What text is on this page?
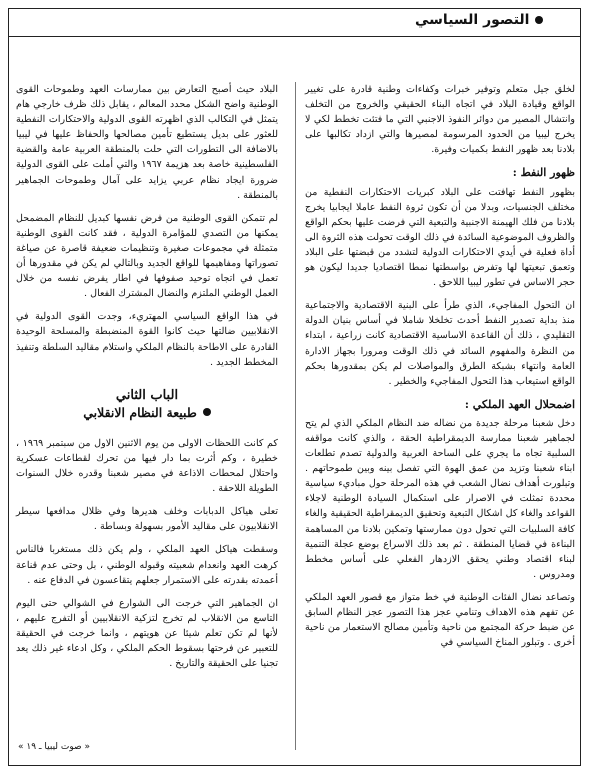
التصور السياسي

لخلق جيل متعلم وتوفير خبرات وكفاءات وطنية قادرة على تغيير الواقع وقيادة البلاد في اتجاه البناء الحقيقي والخروج من التخلف وانتشال المصير من دوائر النفوذ الاجنبي التي ما فتئت تخطط لكي لا يخرج ليبيا من الحدود المرسومة لمصيرها والتي ازداد تكالبها على بلادنا بعد ظهور النفط بكميات وفيرة.

ظهور النفط :

بظهور النفط تهافتت على البلاد كبريات الاحتكارات النفطية من مختلف الجنسيات، وبدلا من أن تكون ثروة النفط عاملا ايجابيا يخرج بلادنا من فلك الهيمنة الاجنبية والتبعية التي فرضت عليها بحكم الواقع والظروف الموضوعية السائدة في ذلك الوقت تحولت هذه الثروة الى أداة فعلية في أيدي الاحتكارات الدولية لتشدد من قبضتها على البلاد وتعمق تبعيتها لها وتفرض بواسطتها نمطا اقتصاديا جديدا ليكون هو حجر الاساس في تطور ليبيا اللاحق .

ان التحول المفاجيء، الذي طرأ على البنية الاقتصادية والاجتماعية منذ بداية تصدير النفط أحدث تخلخلا شاملا في أساس بنيان الدولة التقليدي ، ذلك أن القاعدة الاساسية الاقتصادية كانت زراعية ، ابتداء من النظرة والمفهوم السائد في ذلك الوقت ومرورا بجهاز الادارة العامة وانتهاء بشبكة الطرق والمواصلات لم يكن بمقدورها بحكم الواقع استيعاب هذا التحول المفاجيء والخطير .

اضمحلال العهد الملكي :

دخل شعبنا مرحلة جديدة من نضاله ضد النظام الملكي الذي لم يتح لجماهير شعبنا ممارسة الديمقراطية الحقة ، والذي كانت مواقفه السلبية تجاه ما يجري على الساحة العربية والدولية تصدم تطلعات ابناء شعبنا وتزيد من عمق الهوة التي تفصل بينه وبين طموحاتهم . وتبلورت أهداف نضال الشعب في هذه المرحلة حول مباديء سياسية محددة تمثلت في الاصرار على استكمال السيادة الوطنية لاجلاء القواعد والغاء كل اشكال التبعية وتحقيق الديمقراطية الحقيقية والغاء كافة السلبيات التي تحول دون ممارستها وتمكين بلادنا من المساهمة البناءة في قضايا المنطقة . ثم بعد ذلك الاسراع بوضع عجلة التنمية لبناء اقتصاد وطني يحقق الازدهار الفعلي على أساس مخطط ومدروس .

وتصاعد نضال الفئات الوطنية في خط متواز مع قصور العهد الملكي عن تفهم هذه الاهداف وتنامي عجز هذا التصور عجز النظام السابق عن ضبط حركة المجتمع من ناحية وتأمين مصالح الاستعمار من ناحية أخرى . وتبلور المناخ السياسي في

البلاد حيث أصبح التعارض بين ممارسات العهد وطموحات القوى الوطنية واضح الشكل محدد المعالم ، يقابل ذلك ظرف خارجي هام يتمثل في التكالب الذي اظهرته القوى الدولية والاحتكارات النفطية للعثور على بديل يستطيع تأمين مصالحها والحفاظ عليها في ليبيا بالاضافة الى التطورات التي حلت بالمنطقة العربية عامة والقضية الفلسطينية خاصة بعد هزيمة ١٩٦٧ والتي أملت على القوى الدولية ضرورة ايجاد نظام عربي يزايد على آمال وطموحات الجماهير بالمنطقة .

لم تتمكن القوى الوطنية من فرض نفسها كبديل للنظام المضمحل يمكنها من التصدي للمؤامرة الدولية ، فقد كانت القوى الوطنية متمثلة في مجموعات صغيرة وتنظيمات ضعيفة قاصرة عن صياغة تصوراتها ومفاهيمها للواقع الجديد وبالتالي لم يكن في مقدورها أن تعمل في اتجاه توحيد صفوفها في اطار يفرض نفسه من خلال العمل الوطني الملتزم والنضال المشترك الفعال .

في هذا الواقع السياسي المهتريء، وجدت القوى الدولية في الانقلابيين ضالتها حيث كانوا القوة المنضبطة والمسلحة الوحيدة القادرة على الاطاحة بالنظام الملكي واستلام مقاليد السلطة وتنفيذ المخطط الجديد .

الباب الثاني
طبيعة النظام الانقلابي

كم كانت اللحظات الاولى من يوم الاثنين الاول من سبتمبر ١٩٦٩ ، خطيرة ، وكم أثرت بما دار فيها من تحرك لقطاعات عسكرية واحتلال لمحطات الاذاعة في مصير شعبنا وقدره خلال السنوات الطويلة اللاحقة .

تعلى هياكل الدبابات وخلف هديرها وفي ظلال مدافعها سيطر الانقلابيون على مقاليد الأمور بسهولة وبساطة .

وسقطت هياكل العهد الملكي ، ولم يكن ذلك مستغربا فالناس كرهت العهد وانعدام شعبيته وقبوله الوطني ، بل وحتى عدم قناعة أعمدته بقدرته على الاستمرار جعلهم يتقاعسون في الدفاع عنه .

ان الجماهير التي خرجت الى الشوارع في الشوالي حتى اليوم التاسع من الانقلاب لم تخرج لتزكية الانقلابيين أو التفرج عليهم ، لأنها لم تكن تعلم شيئا عن هويتهم ، وانما خرجت في الحقيقة للتعبير عن فرحتها بسقوط الحكم الملكي ، وكل ادعاء غير ذلك يعد تجنيا على الحقيقة والتاريخ .

« صوت ليبيا ـ ١٩ »
